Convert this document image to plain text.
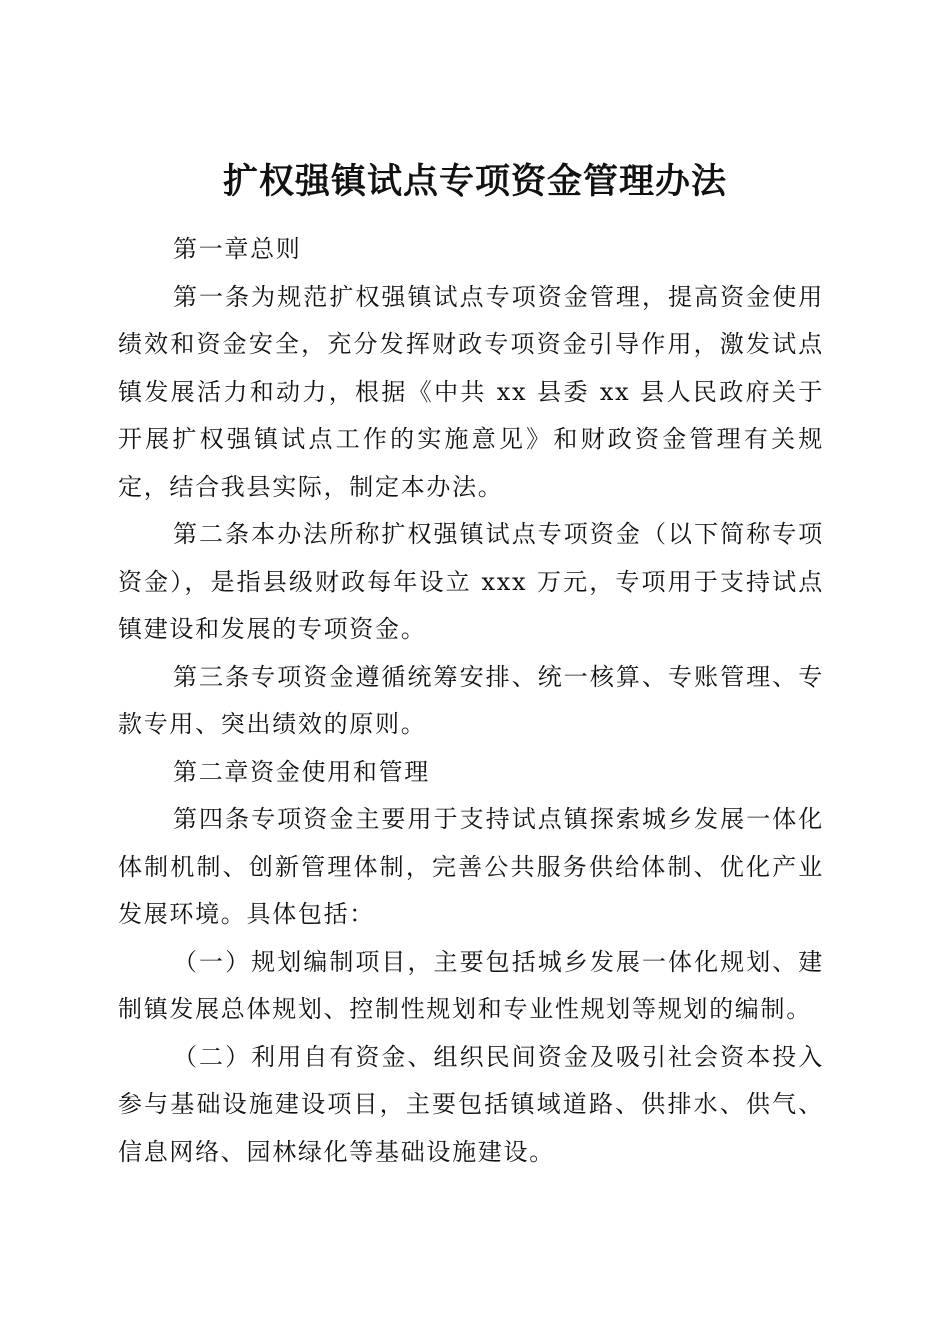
扩权强镇试点专项资金管理办法

第一章总则

第一条为规范扩权强镇试点专项资金管理，提高资金使用绩效和资金安全，充分发挥财政专项资金引导作用，激发试点镇发展活力和动力，根据《中共 xx 县委 xx 县人民政府关于开展扩权强镇试点工作的实施意见》和财政资金管理有关规定，结合我县实际，制定本办法。

第二条本办法所称扩权强镇试点专项资金（以下简称专项资金），是指县级财政每年设立 xxx 万元，专项用于支持试点镇建设和发展的专项资金。

第三条专项资金遵循统筹安排、统一核算、专账管理、专款专用、突出绩效的原则。

第二章资金使用和管理

第四条专项资金主要用于支持试点镇探索城乡发展一体化体制机制、创新管理体制，完善公共服务供给体制、优化产业发展环境。具体包括：

（一）规划编制项目，主要包括城乡发展一体化规划、建制镇发展总体规划、控制性规划和专业性规划等规划的编制。

（二）利用自有资金、组织民间资金及吸引社会资本投入参与基础设施建设项目，主要包括镇域道路、供排水、供气、信息网络、园林绿化等基础设施建设。
